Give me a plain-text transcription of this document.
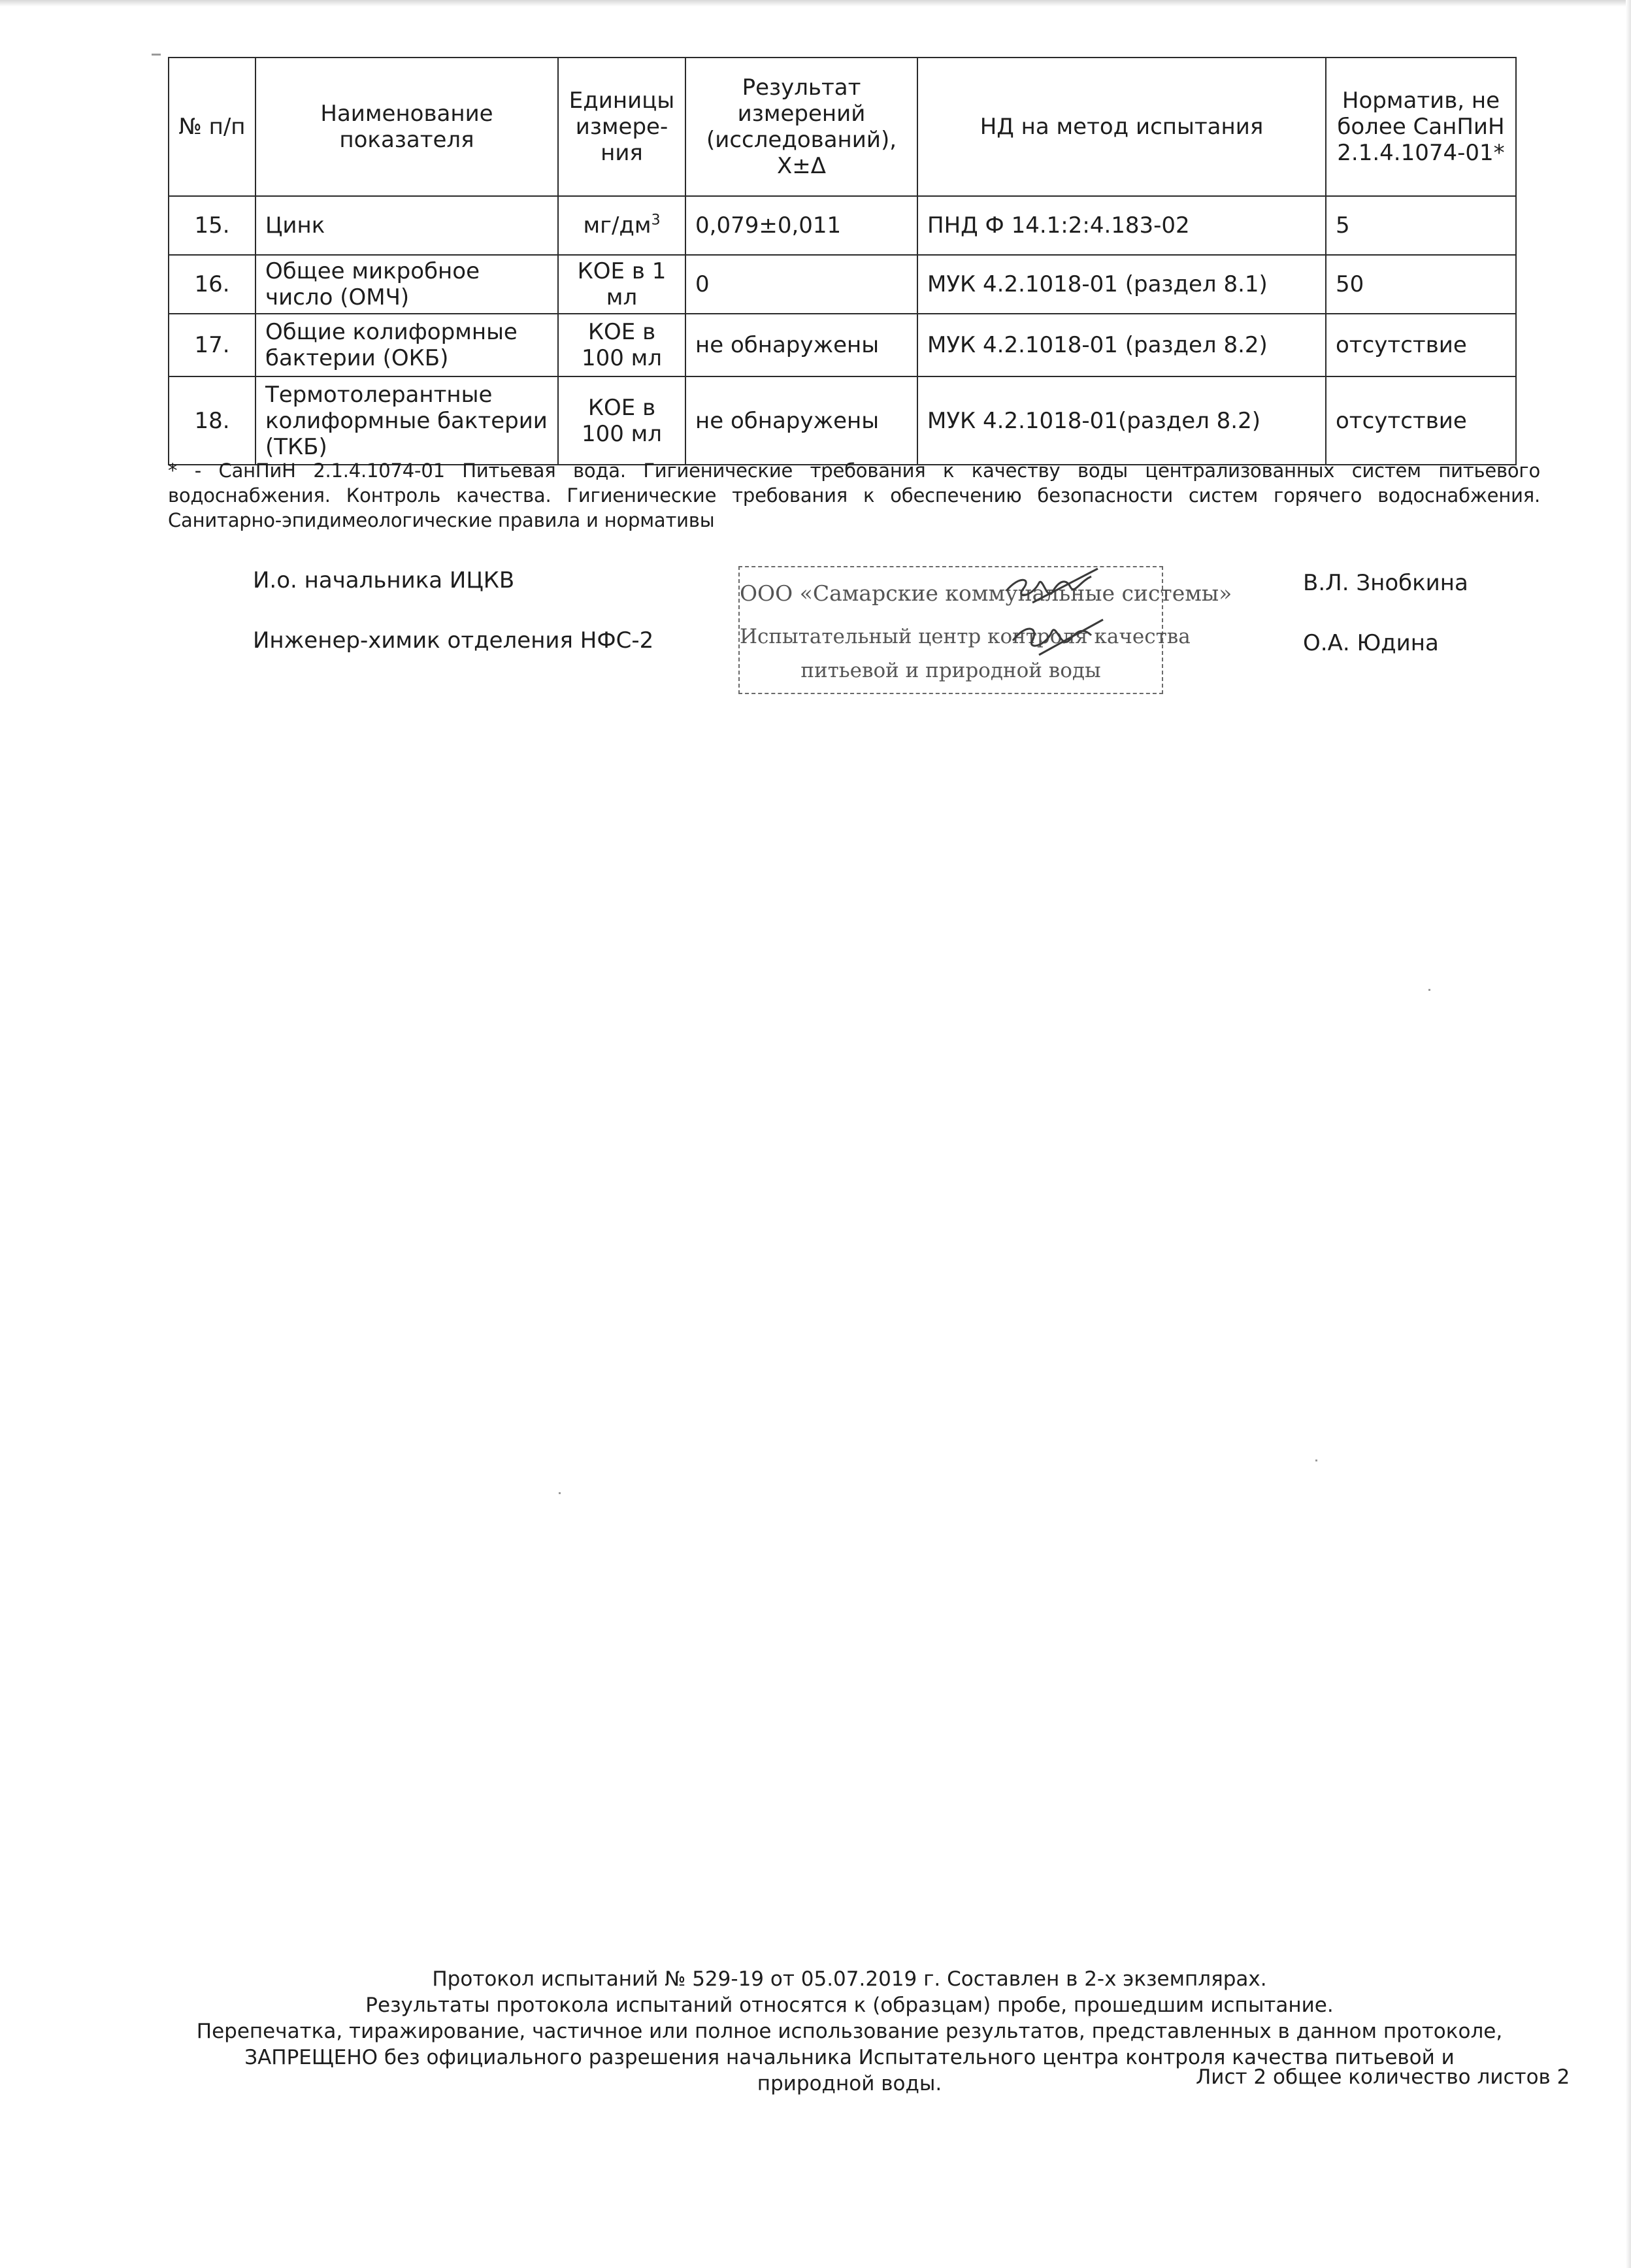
№ п/п	Наименование показателя	Единицы измере-ния	Результат измерений (исследований), X±Δ	НД на метод испытания	Норматив, не более СанПиН 2.1.4.1074-01*
15.	Цинк	$мг/дм^3$	0,079±0,011	ПНД Ф 14.1:2:4.183-02	5
16.	Общее микробное число (ОМЧ)	КОЕ в 1 мл	0	МУК 4.2.1018-01 (раздел 8.1)	50
17.	Общие колиформные бактерии (ОКБ)	КОЕ в 100 мл	не обнаружены	МУК 4.2.1018-01 (раздел 8.2)	отсутствие
18.	Термотолерантные колиформные бактерии (ТКБ)	КОЕ в 100 мл	не обнаружены	МУК 4.2.1018-01(раздел 8.2)	отсутствие
* - СанПиН 2.1.4.1074-01 Питьевая вода. Гигиенические требования к качеству воды централизованных систем питьевого водоснабжения. Контроль качества. Гигиенические требования к обеспечению безопасности систем горячего водоснабжения. Санитарно-эпидимеологические правила и нормативы
И.о. начальника ИЦКВ
Инженер-химик отделения НФС-2
В.Л. Знобкина
О.А. Юдина
ООО «Самарские коммунальные системы»
Испытательный центр контроля качества
питьевой и природной воды
Протокол испытаний № 529-19 от 05.07.2019 г. Составлен в 2-х экземплярах.
Результаты протокола испытаний относятся к (образцам) пробе, прошедшим испытание.
Перепечатка, тиражирование, частичное или полное использование результатов, представленных в данном протоколе,
ЗАПРЕЩЕНО без официального разрешения начальника Испытательного центра контроля качества питьевой и природной воды.	Лист 2 общее количество листов 2
